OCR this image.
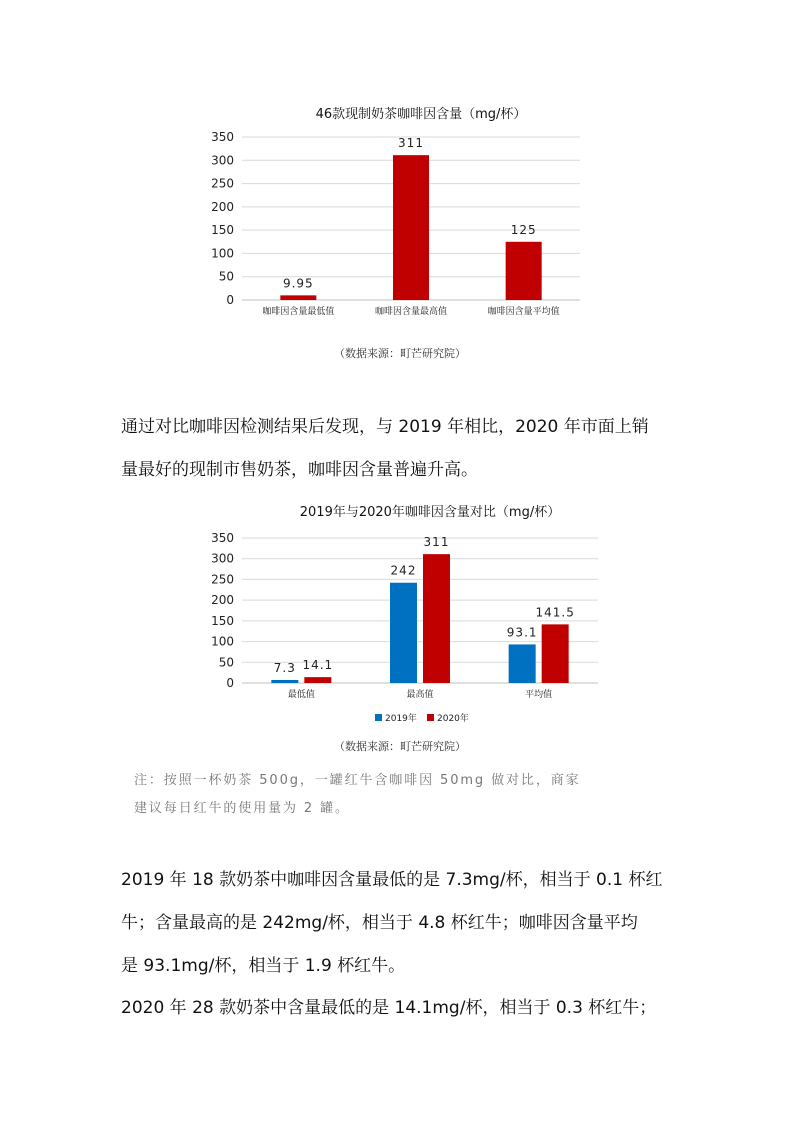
46款现制奶茶咖啡因含量（mg/杯）
0
50
100
150
200
250
300
350
9.95
咖啡因含量最低值
311
咖啡因含量最高值
125
咖啡因含量平均值
（数据来源：町芒研究院）
通过对比咖啡因检测结果后发现，与 2019 年相比，2020 年市面上销
量最好的现制市售奶茶，咖啡因含量普遍升高。
2019年与2020年咖啡因含量对比（mg/杯）
0
50
100
150
200
250
300
350
7.3 14.1
最低值
242
311
最高值
93.1
141.5
平均值
2019年 2020年
（数据来源：町芒研究院）
注：按照一杯奶茶 500g，一罐红牛含咖啡因 50mg 做对比，商家
建议每日红牛的使用量为 2 罐。
2019 年 18 款奶茶中咖啡因含量最低的是 7.3mg/杯，相当于 0.1 杯红
牛；含量最高的是 242mg/杯，相当于 4.8 杯红牛；咖啡因含量平均
是 93.1mg/杯，相当于 1.9 杯红牛。
2020 年 28 款奶茶中含量最低的是 14.1mg/杯，相当于 0.3 杯红牛；
